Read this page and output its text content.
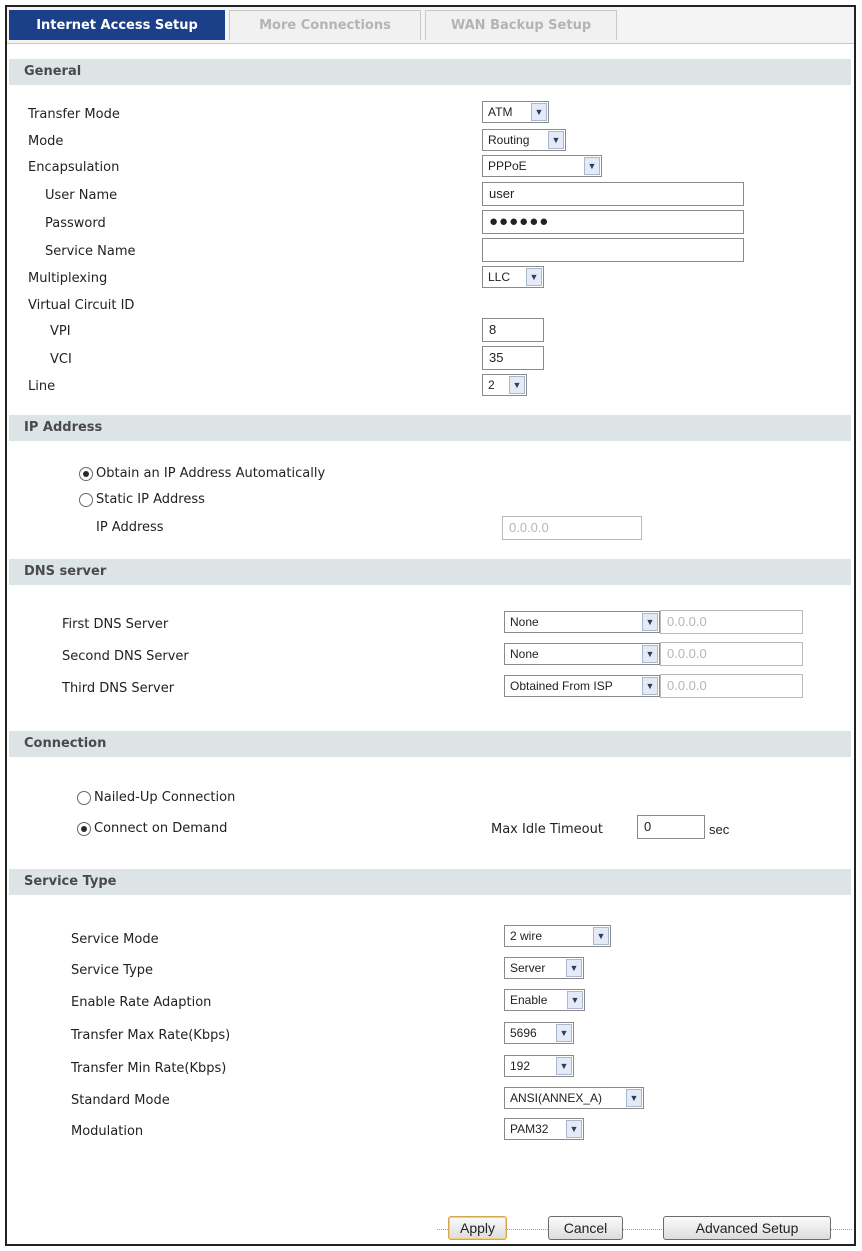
Internet Access Setup	More Connections	WAN Backup Setup
General
Transfer Mode	ATM	▼
Mode	Routing	▼
Encapsulation	PPPoE	▼
User Name	user
Password	●●●●●●
Service Name
Multiplexing	LLC	▼
Virtual Circuit ID
VPI	8
VCI	35
Line	2	▼
IP Address
Obtain an IP Address Automatically
Static IP Address
IP Address	0.0.0.0
DNS server
First DNS Server	None	▼ 0.0.0.0
Second DNS Server	None	▼ 0.0.0.0
Third DNS Server	Obtained From ISP	▼ 0.0.0.0
Connection
Nailed-Up Connection
Connect on Demand	Max Idle Timeout	0	sec
Service Type
Service Mode	2 wire	▼
Service Type	Server	▼
Enable Rate Adaption	Enable	▼
Transfer Max Rate(Kbps)	5696	▼
Transfer Min Rate(Kbps)	192	▼
Standard Mode	ANSI(ANNEX_A)	▼
Modulation	PAM32	▼
Apply	Cancel	Advanced Setup
